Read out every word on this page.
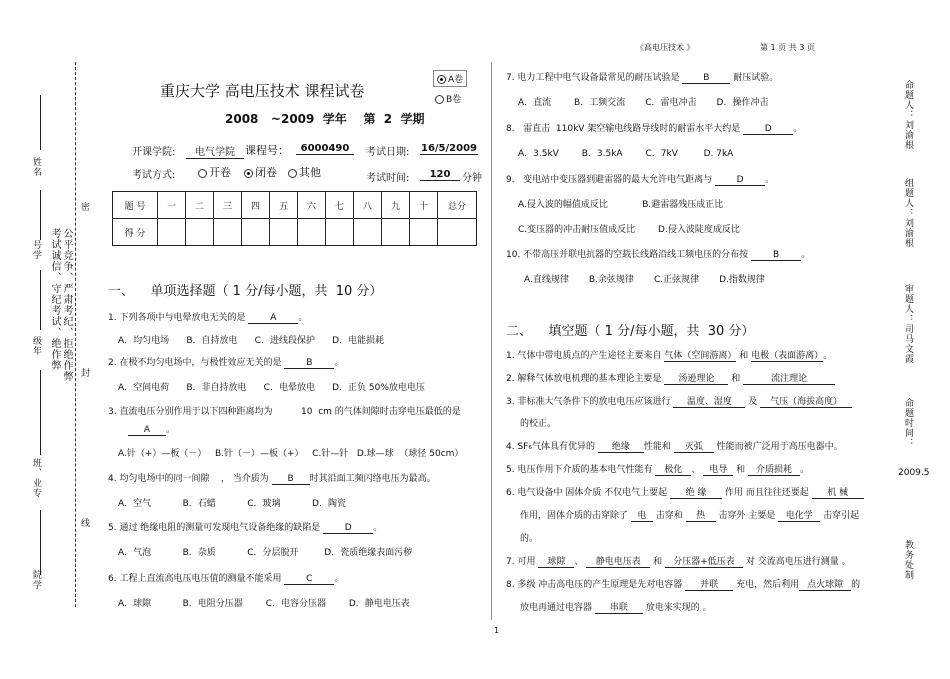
《高电压技术 》	第 1 页 共 3 页
姓名
号学
级年
班、业专
院学
考试诚信、守纪考试、绝作弊 公平竞争、严肃考纪、拒绝作弊
密
封
线
重庆大学 高电压技术 课程试卷
A卷
B卷
2008   ~2009  学年    第  2  学期
开课学院:	电气学院 课程号：	6000490	考试日期: 16/5/2009
考试方式:	开卷	闭卷	其他	考试时间:	120	分钟
题 号	一	二	三	四	五	六	七	八	九	十	总分
得 分											
一、    单项选择题（ 1 分/每小题，共  10 分）
1. 下列各项中与电晕放电无关的是	A 。
A．均匀电场      B．自持放电      C．进线段保护      D．电能损耗
2. 在极不均匀电场中，与极性效应无关的是	B 。
A．空间电荷      B．非自持放电      C．电晕放电      D．正负 50%放电电压
3. 直流电压分别作用于以下四种距离均为          10  cm 的气体间隙时击穿电压最低的是
A 。
A.针（+）—板（－）   B.针（－）—板（+）   C.针—针   D.球—球  （球径 50cm）
4. 均匀电场中的同一间隙    ， 当介质为 B 时其沿面工频闪络电压为最高。
A．空气           B．石蜡           C．玻璃           D．陶瓷
5. 通过 绝缘电阻的测量可发现电气设备绝缘的缺陷是	D 。
A．气泡           B．杂质           C．分层脱开         D．瓷质绝缘表面污秽
6. 工程上直流高电压电压值的测量不能采用	C 。
A．球隙           B．电阻分压器        C．电容分压器        D．静电电压表
7. 电力工程中电气设备最常见的耐压试验是	B	耐压试验。
A．直流        B．工频交流       C．雷电冲击       D．操作冲击
8.   雷直击  110kV 架空输电线路导线时的耐雷水平大约是	D 。
A．3.5kV        B．3.5kA        C．7kV         D. 7kA
9.   变电站中变压器到避雷器的最大允许电气距离与	D 。
A.侵入波的幅值成反比            B.避雷器残压成正比
C.变压器的冲击耐压值成反比        D.侵入波陡度成反比
10. 不带高压并联电抗器的空载长线路沿线工频电压的分布按	B 。
A.直线规律       B.余弦规律       C.正弦规律       D.指数规律
二、    填空题（ 1 分/每小题，共  30 分）
1. 气体中带电质点的产生途径主要来自 气体（空间游离） 和 电极（表面游离）。
2. 解释气体放电机理的基本理论主要是 汤逊理论 和	流注理论
3. 非标准大气条件下的放电电压应该进行 温度、湿度 及 气压（海拔高度）
的校正。
4. SF₆气体具有优异的 绝缘 性能和 灭弧 性能而被广泛用于高压电器中。
5. 电压作用下介质的基本电气性能有 极化 、 电导 和 介质损耗 。
6. 电气设备中 固体介质 不仅电气上要起 绝 缘 作用 而且往往还要起 机 械
作用，固体介质的击穿除了 电 击穿和 热 击穿外 主要是 电化学 击穿引起
的。
7. 可用 球隙 、 静电电压表 和 分压器+低压表 对 交流高电压进行测量 。
8. 多级 冲击高电压的产生原理是先对电容器 并联 充电，然后利用 点火球隙 的
放电再通过电容器 串联 放电来实现的 。
命题人：刘渝根
组题人：刘渝根
审题人：司马文霞
命题时间：
2009.5
教务处制
1
